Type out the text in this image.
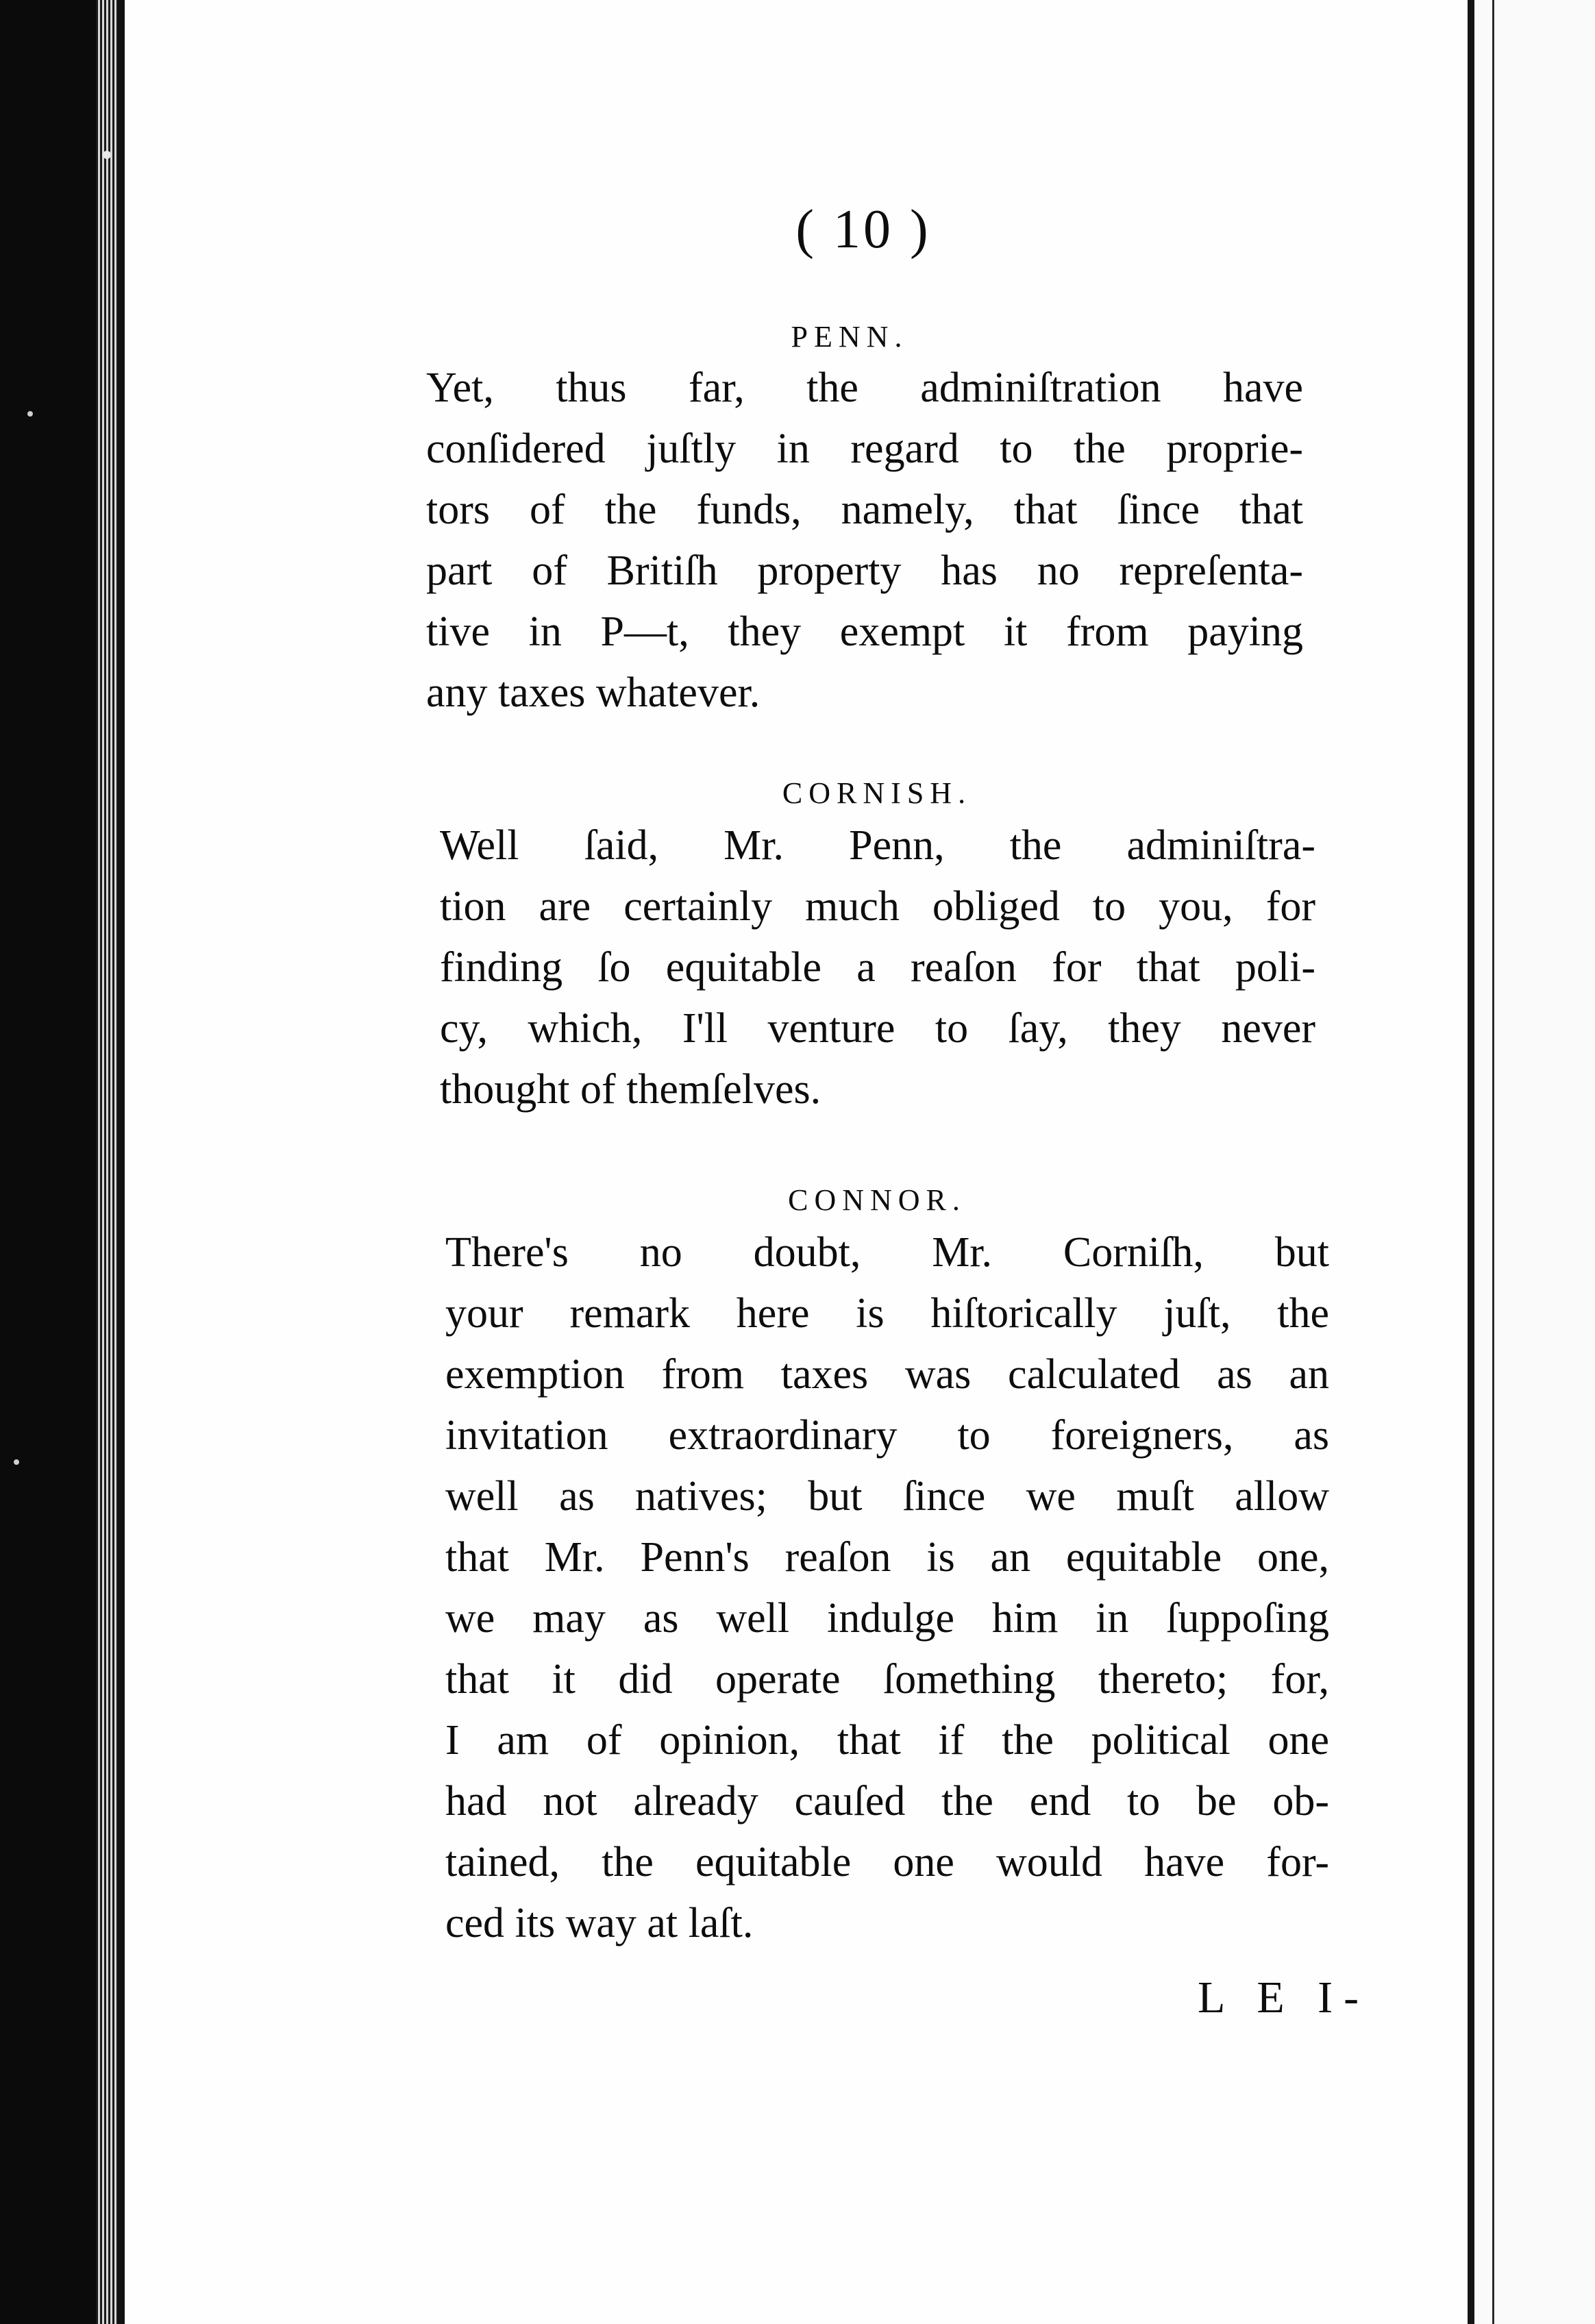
( 10 )
PENN.
Yet, thus far, the adminiſtration have
conſidered juſtly in regard to the proprie-
tors of the funds, namely, that ſince that
part of Britiſh property has no repreſenta-
tive in P—t, they exempt it from paying
any taxes whatever.
CORNISH.
Well ſaid, Mr. Penn, the adminiſtra-
tion are certainly much obliged to you, for
finding ſo equitable a reaſon for that poli-
cy, which, I'll venture to ſay, they never
thought of themſelves.
CONNOR.
There's no doubt, Mr. Corniſh, but
your remark here is hiſtorically juſt, the
exemption from taxes was calculated as an
invitation extraordinary to foreigners, as
well as natives; but ſince we muſt allow
that Mr. Penn's reaſon is an equitable one,
we may as well indulge him in ſuppoſing
that it did operate ſomething thereto; for,
I am of opinion, that if the political one
had not already cauſed the end to be ob-
tained, the equitable one would have for-
ced its way at laſt.
L E I-
